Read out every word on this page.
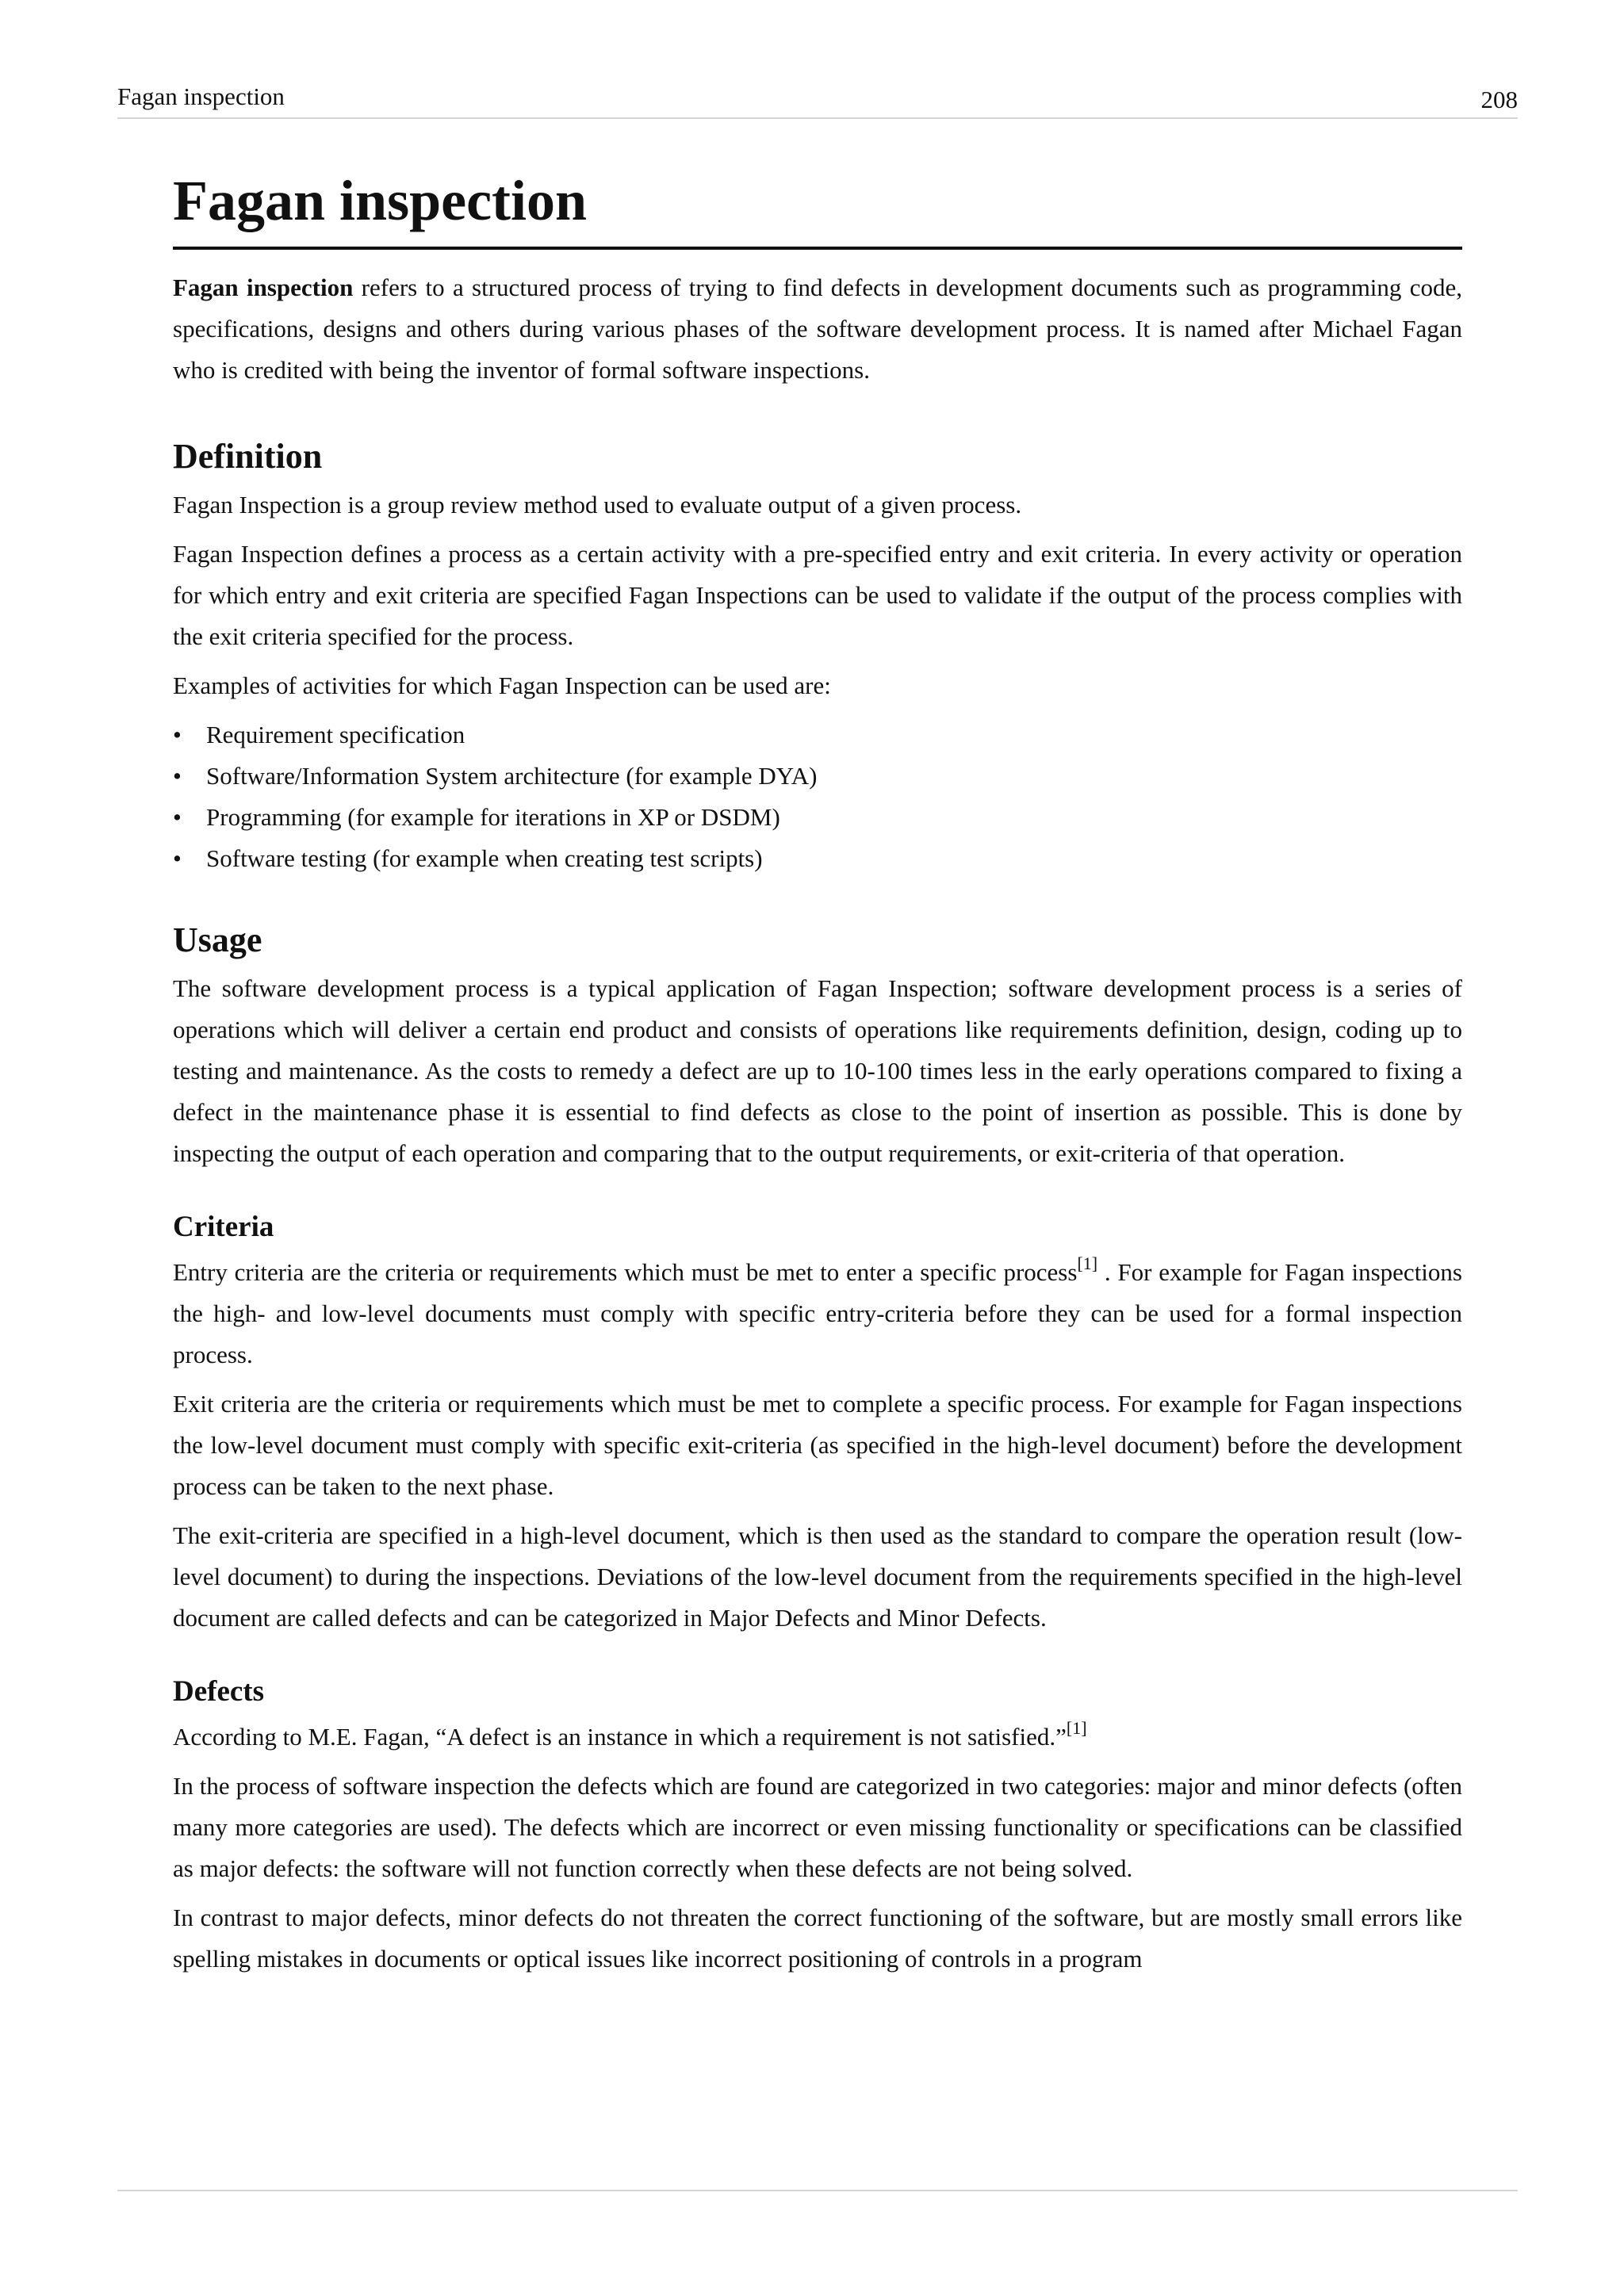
Fagan inspection	208
Fagan inspection

Fagan inspection refers to a structured process of trying to find defects in development documents such as programming code, specifications, designs and others during various phases of the software development process. It is named after Michael Fagan who is credited with being the inventor of formal software inspections.

Definition

Fagan Inspection is a group review method used to evaluate output of a given process.

Fagan Inspection defines a process as a certain activity with a pre-specified entry and exit criteria. In every activity or operation for which entry and exit criteria are specified Fagan Inspections can be used to validate if the output of the process complies with the exit criteria specified for the process.

Examples of activities for which Fagan Inspection can be used are:

• Requirement specification
• Software/Information System architecture (for example DYA)
• Programming (for example for iterations in XP or DSDM)
• Software testing (for example when creating test scripts)
Usage

The software development process is a typical application of Fagan Inspection; software development process is a series of operations which will deliver a certain end product and consists of operations like requirements definition, design, coding up to testing and maintenance. As the costs to remedy a defect are up to 10-100 times less in the early operations compared to fixing a defect in the maintenance phase it is essential to find defects as close to the point of insertion as possible. This is done by inspecting the output of each operation and comparing that to the output requirements, or exit-criteria of that operation.

Criteria

Entry criteria are the criteria or requirements which must be met to enter a specific process[1] . For example for Fagan inspections the high- and low-level documents must comply with specific entry-criteria before they can be used for a formal inspection process.

Exit criteria are the criteria or requirements which must be met to complete a specific process. For example for Fagan inspections the low-level document must comply with specific exit-criteria (as specified in the high-level document) before the development process can be taken to the next phase.

The exit-criteria are specified in a high-level document, which is then used as the standard to compare the operation result (low-level document) to during the inspections. Deviations of the low-level document from the requirements specified in the high-level document are called defects and can be categorized in Major Defects and Minor Defects.

Defects

According to M.E. Fagan, “A defect is an instance in which a requirement is not satisfied.”[1]

In the process of software inspection the defects which are found are categorized in two categories: major and minor defects (often many more categories are used). The defects which are incorrect or even missing functionality or specifications can be classified as major defects: the software will not function correctly when these defects are not being solved.

In contrast to major defects, minor defects do not threaten the correct functioning of the software, but are mostly small errors like spelling mistakes in documents or optical issues like incorrect positioning of controls in a program
